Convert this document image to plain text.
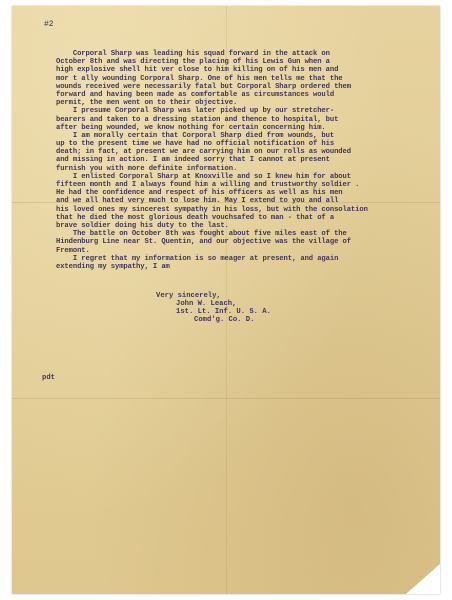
#2
Corporal Sharp was leading his squad forward in the attack on
October 8th and was directing the placing of his Lewis Gun when a
high explosive shell hit ver close to him killing on of his men and
mor t ally wounding Corporal Sharp. One of his men tells me that the
wounds received were necessarily fatal but Corporal Sharp ordered them
forward and having been made as comfortable as circumstances would
permit, the men went on to their objective.
I presume Corporal Sharp was later picked up by our stretcher-
bearers and taken to a dressing station and thence to hospital, but
after being wounded, we know nothing for certain concerning him.
I am morally certain that Corporal Sharp died from wounds, but
up to the present time we have had no official notification of his
death; in fact, at present we are carrying him on our rolls as wounded
and missing in action. I am indeed sorry that I cannot at present
furnish you with more definite information.
I enlisted Corporal Sharp at Knoxville and so I knew him for about
fifteen month and I always found him a willing and trustworthy soldier .
He had the confidence and respect of his officers as well as his men
and we all hated very much to lose him. May I extend to you and all
his loved ones my sincerest sympathy in his loss, but with the consolation
that he died the most glorious death vouchsafed to man - that of a
brave soldier doing his duty to the last.
The battle on October 8th was fought about five miles east of the
Hindenburg Line near St. Quentin, and our objective was the village of
Fremont.
I regret that my information is so meager at present, and again
extending my sympathy, I am
Very sincerely,
John W. Leach,
1st. Lt. Inf. U. S. A.
Comd'g. Co. D.
pdt
